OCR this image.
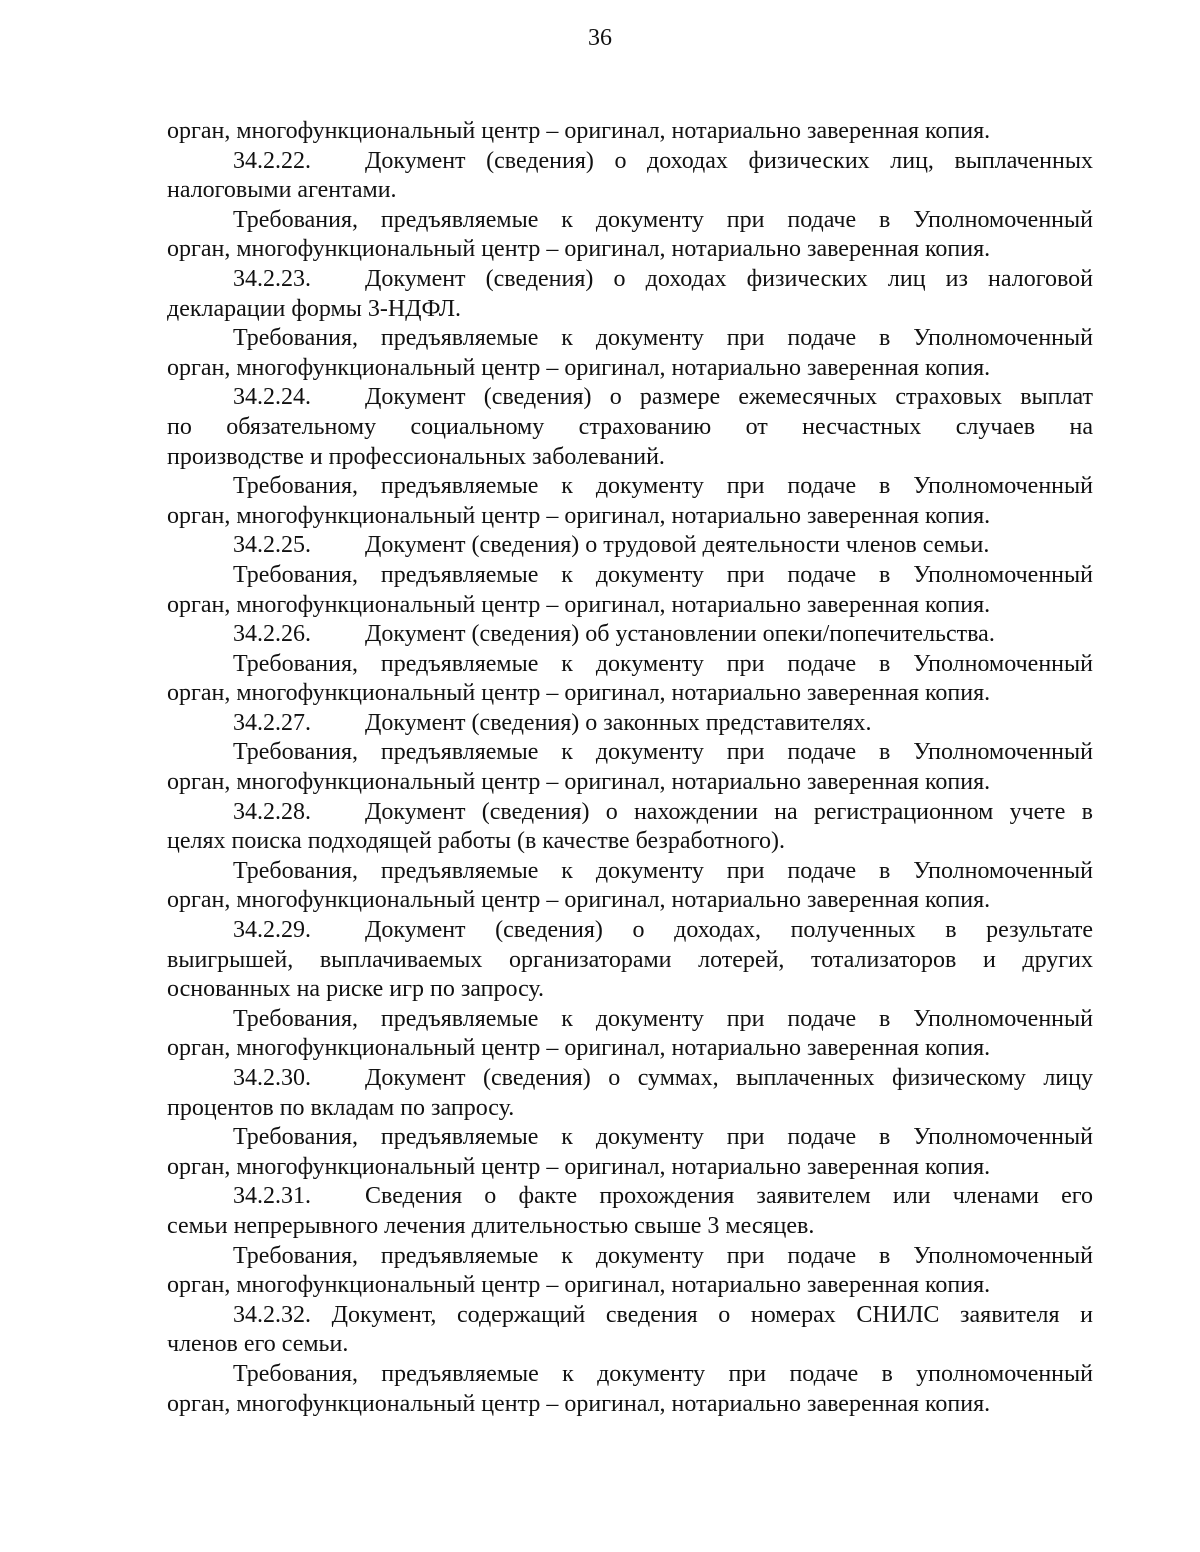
36
орган, многофункциональный центр – оригинал, нотариально заверенная копия.
34.2.22. Документ (сведения) о доходах физических лиц, выплаченных
налоговыми агентами.
Требования, предъявляемые к документу при подаче в Уполномоченный
орган, многофункциональный центр – оригинал, нотариально заверенная копия.
34.2.23. Документ (сведения) о доходах физических лиц из налоговой
декларации формы 3-НДФЛ.
Требования, предъявляемые к документу при подаче в Уполномоченный
орган, многофункциональный центр – оригинал, нотариально заверенная копия.
34.2.24. Документ (сведения) о размере ежемесячных страховых выплат
по обязательному социальному страхованию от несчастных случаев на
производстве и профессиональных заболеваний.
Требования, предъявляемые к документу при подаче в Уполномоченный
орган, многофункциональный центр – оригинал, нотариально заверенная копия.
34.2.25. Документ (сведения) о трудовой деятельности членов семьи.
Требования, предъявляемые к документу при подаче в Уполномоченный
орган, многофункциональный центр – оригинал, нотариально заверенная копия.
34.2.26. Документ (сведения) об установлении опеки/попечительства.
Требования, предъявляемые к документу при подаче в Уполномоченный
орган, многофункциональный центр – оригинал, нотариально заверенная копия.
34.2.27. Документ (сведения) о законных представителях.
Требования, предъявляемые к документу при подаче в Уполномоченный
орган, многофункциональный центр – оригинал, нотариально заверенная копия.
34.2.28. Документ (сведения) о нахождении на регистрационном учете в
целях поиска подходящей работы (в качестве безработного).
Требования, предъявляемые к документу при подаче в Уполномоченный
орган, многофункциональный центр – оригинал, нотариально заверенная копия.
34.2.29. Документ (сведения) о доходах, полученных в результате
выигрышей, выплачиваемых организаторами лотерей, тотализаторов и других
основанных на риске игр по запросу.
Требования, предъявляемые к документу при подаче в Уполномоченный
орган, многофункциональный центр – оригинал, нотариально заверенная копия.
34.2.30. Документ (сведения) о суммах, выплаченных физическому лицу
процентов по вкладам по запросу.
Требования, предъявляемые к документу при подаче в Уполномоченный
орган, многофункциональный центр – оригинал, нотариально заверенная копия.
34.2.31. Сведения о факте прохождения заявителем или членами его
семьи непрерывного лечения длительностью свыше 3 месяцев.
Требования, предъявляемые к документу при подаче в Уполномоченный
орган, многофункциональный центр – оригинал, нотариально заверенная копия.
34.2.32. Документ, содержащий сведения о номерах СНИЛС заявителя и
членов его семьи.
Требования, предъявляемые к документу при подаче в уполномоченный
орган, многофункциональный центр – оригинал, нотариально заверенная копия.
